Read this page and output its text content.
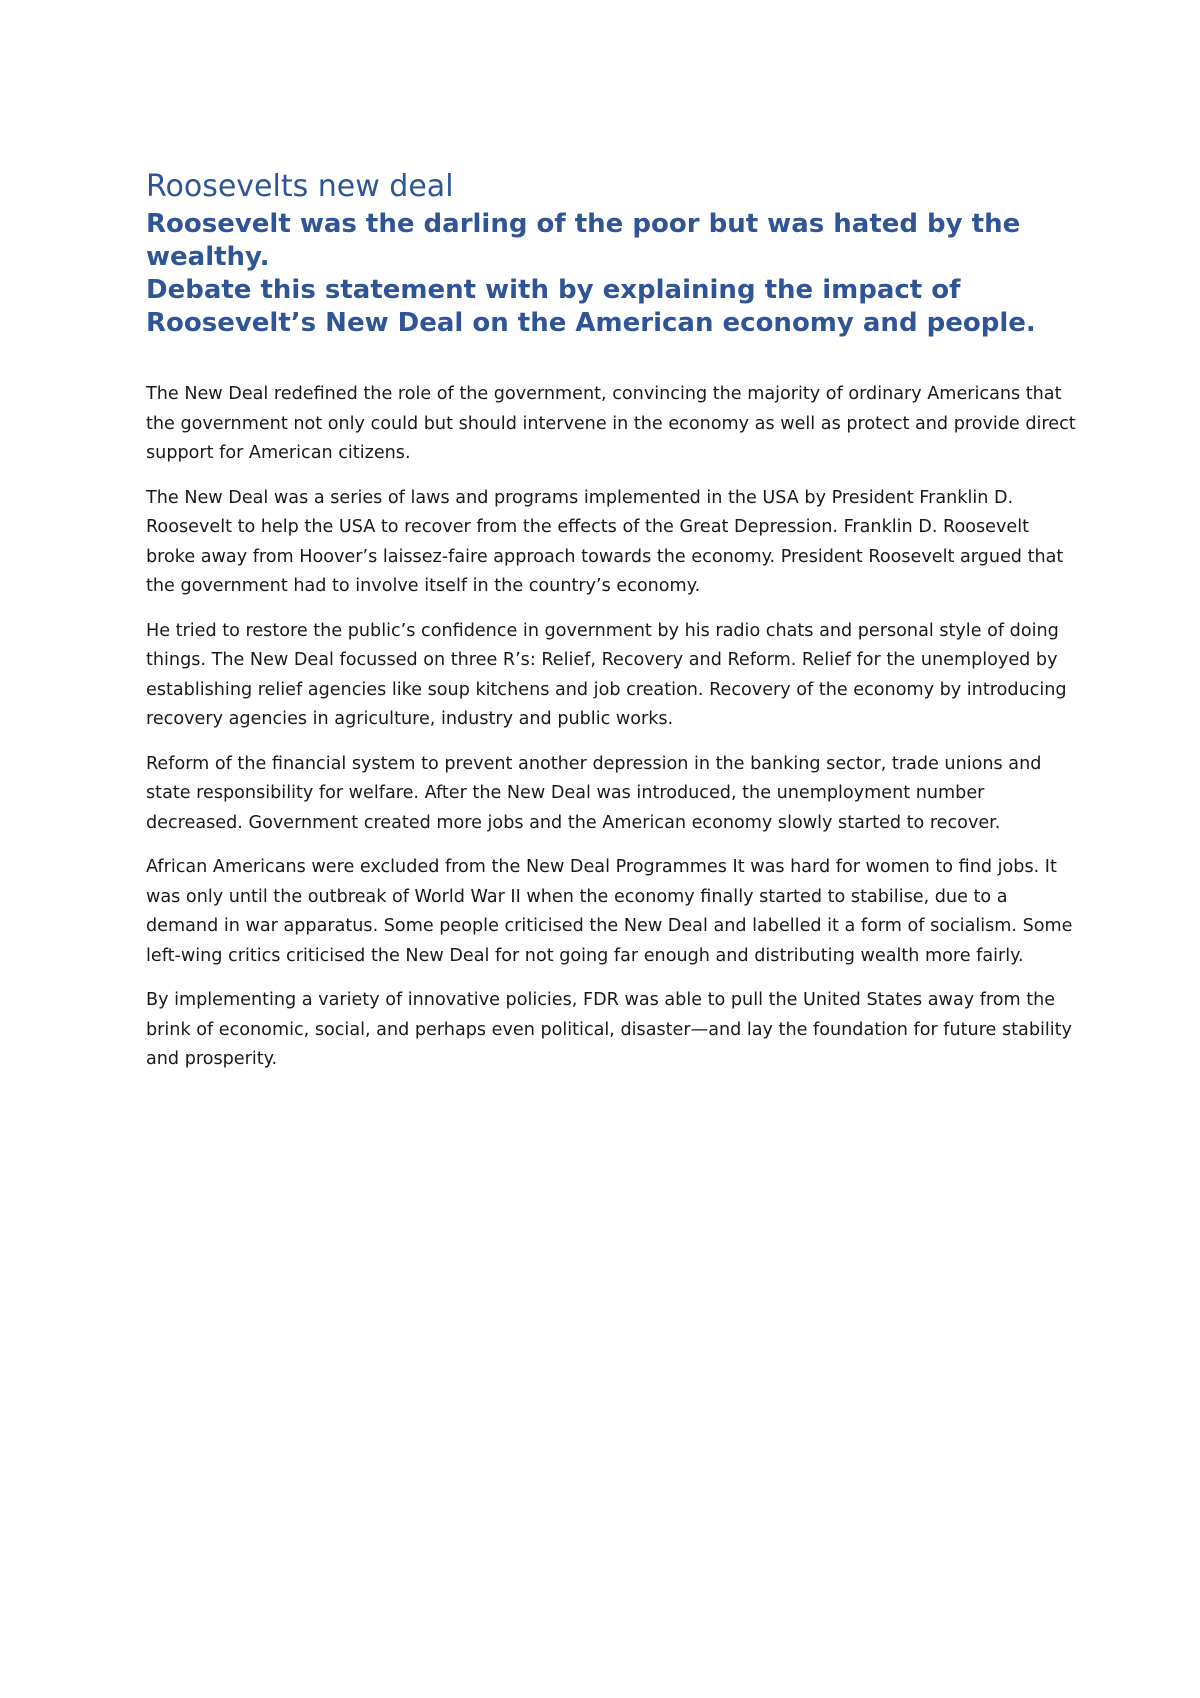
Roosevelts new deal
Roosevelt was the darling of the poor but was hated by the wealthy.
Debate this statement with by explaining the impact of Roosevelt’s New Deal on the American economy and people.

The New Deal redefined the role of the government, convincing the majority of ordinary Americans that the government not only could but should intervene in the economy as well as protect and provide direct support for American citizens.

The New Deal was a series of laws and programs implemented in the USA by President Franklin D. Roosevelt to help the USA to recover from the effects of the Great Depression. Franklin D. Roosevelt broke away from Hoover’s laissez-faire approach towards the economy. President Roosevelt argued that the government had to involve itself in the country’s economy.

He tried to restore the public’s confidence in government by his radio chats and personal style of doing things. The New Deal focussed on three R’s: Relief, Recovery and Reform. Relief for the unemployed by establishing relief agencies like soup kitchens and job creation. Recovery of the economy by introducing recovery agencies in agriculture, industry and public works.

Reform of the financial system to prevent another depression in the banking sector, trade unions and state responsibility for welfare. After the New Deal was introduced, the unemployment number decreased. Government created more jobs and the American economy slowly started to recover.

African Americans were excluded from the New Deal Programmes It was hard for women to find jobs. It was only until the outbreak of World War II when the economy finally started to stabilise, due to a demand in war apparatus. Some people criticised the New Deal and labelled it a form of socialism. Some left-wing critics criticised the New Deal for not going far enough and distributing wealth more fairly.

By implementing a variety of innovative policies, FDR was able to pull the United States away from the brink of economic, social, and perhaps even political, disaster—and lay the foundation for future stability and prosperity.
